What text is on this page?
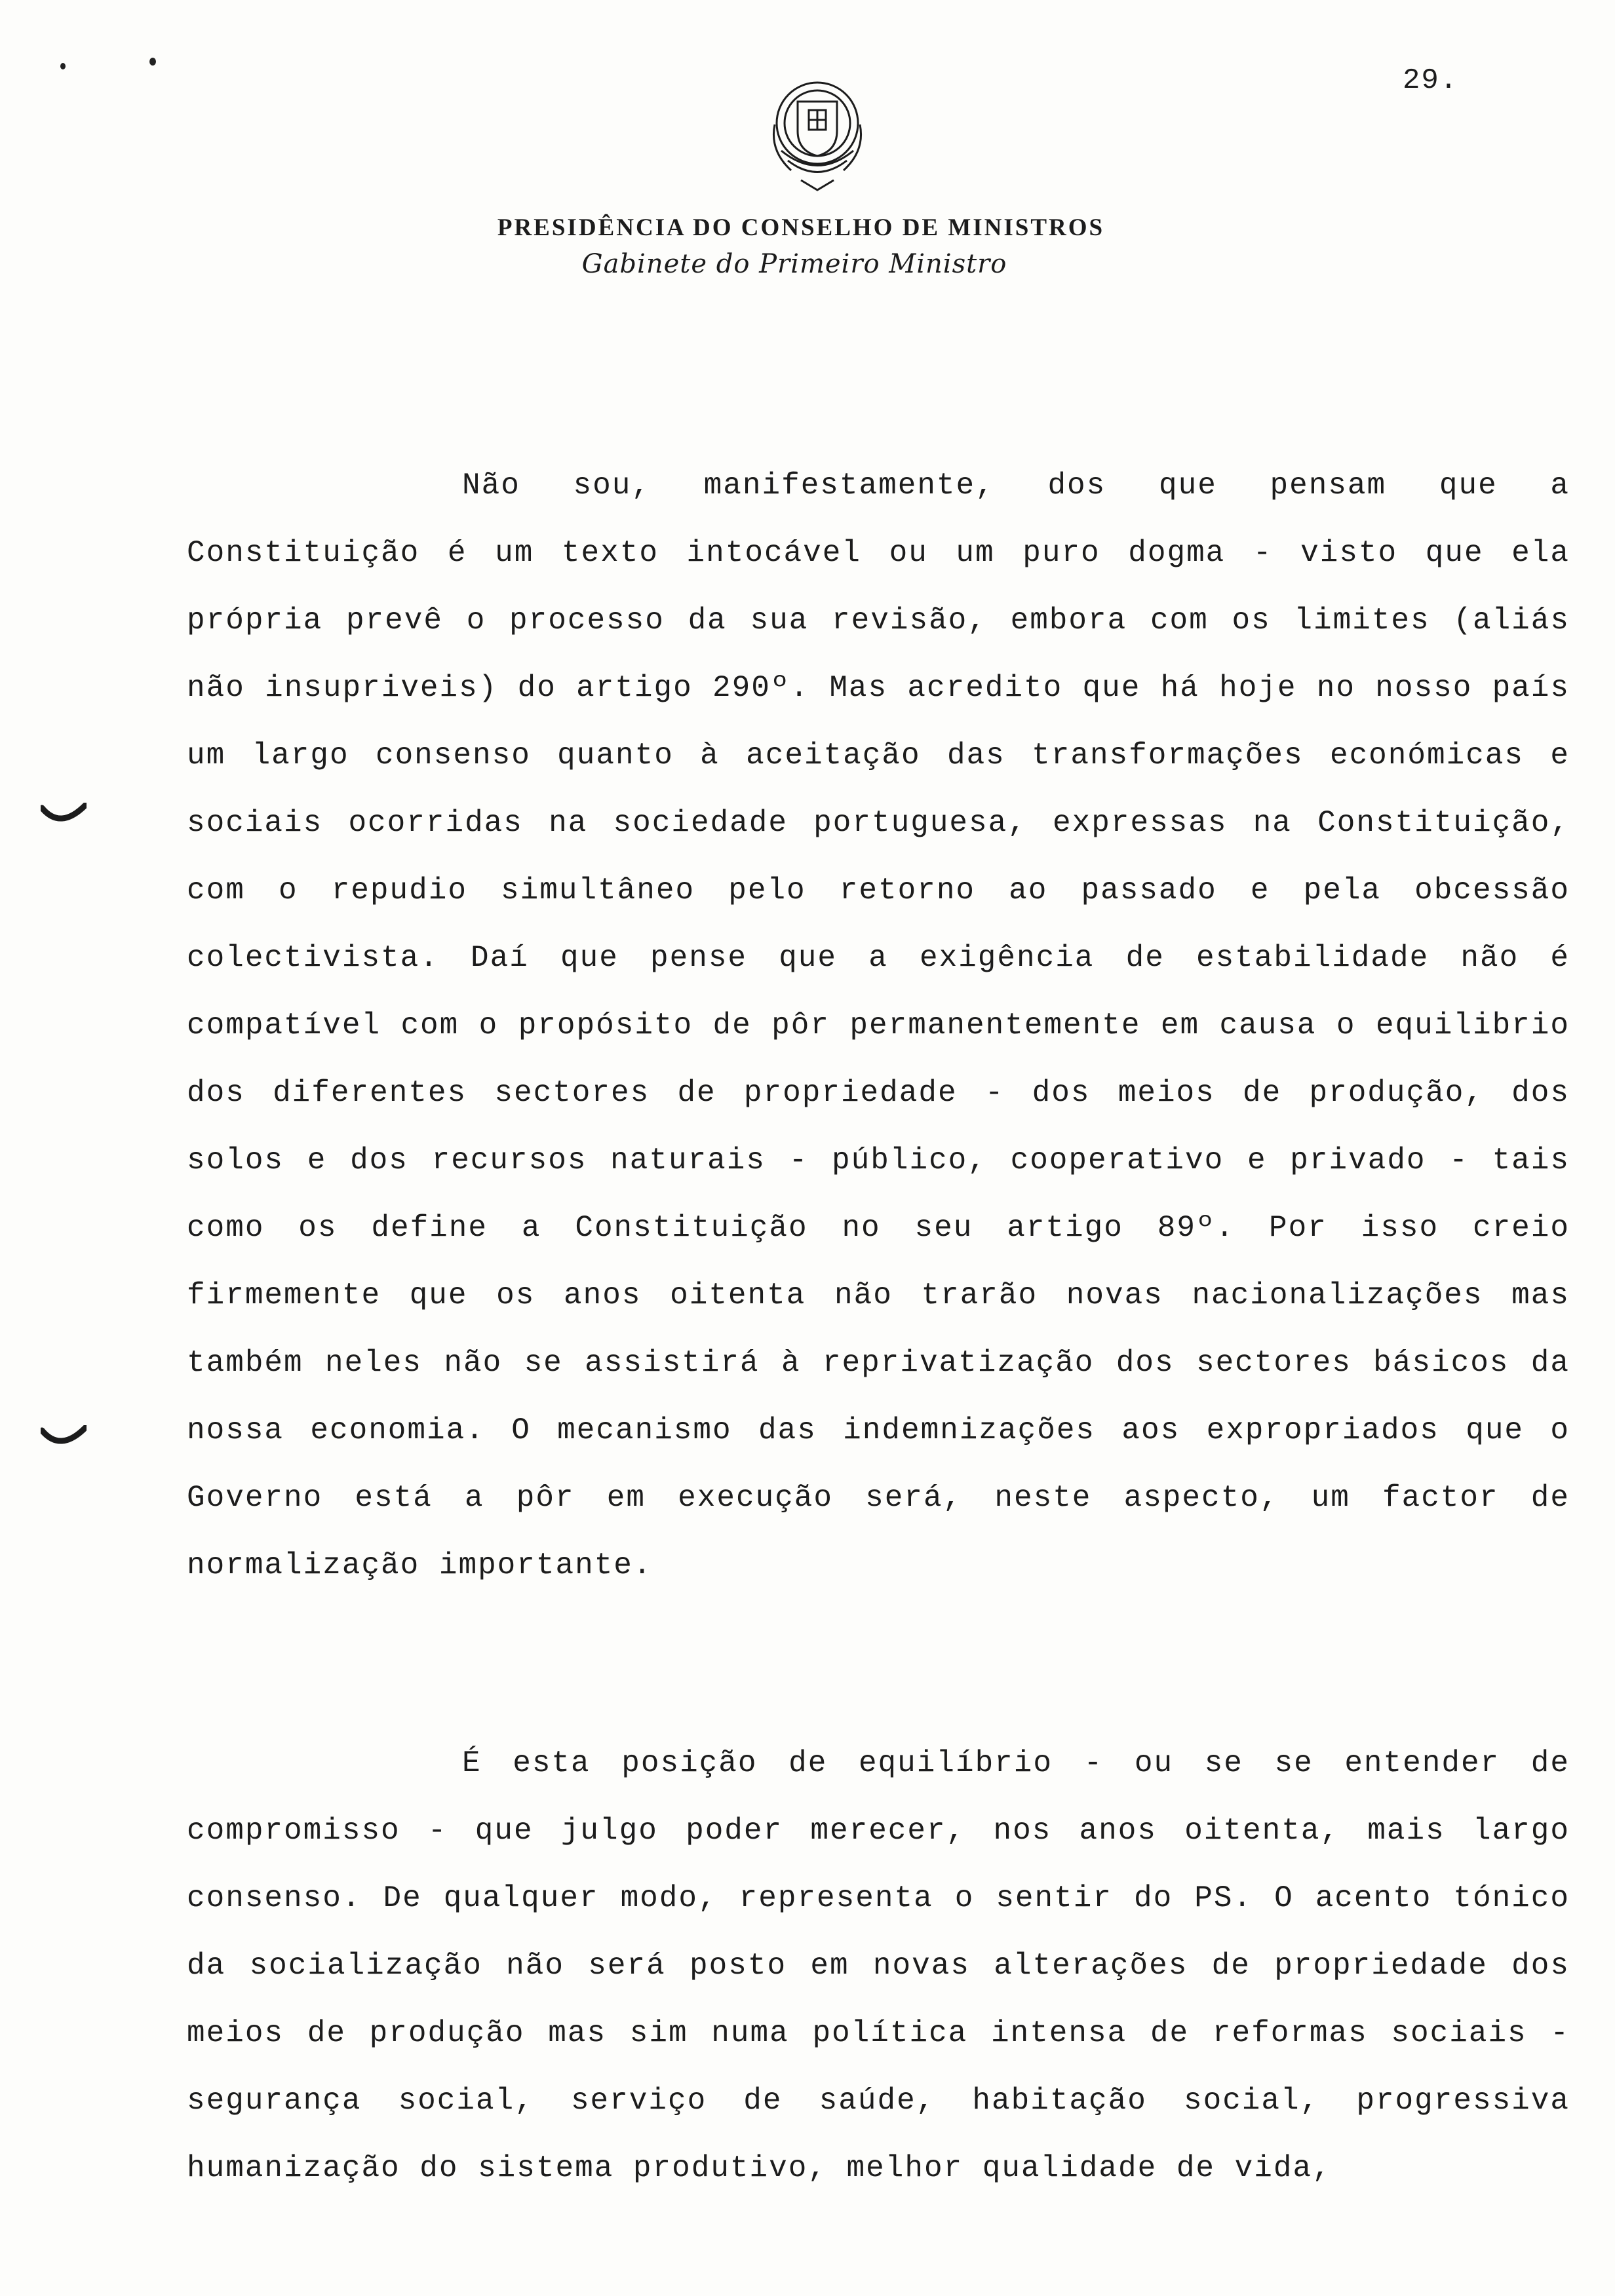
29.
PRESIDÊNCIA DO CONSELHO DE MINISTROS
Gabinete do Primeiro Ministro
Não sou, manifestamente, dos que pensam que a Constituição é um texto intocável ou um puro dogma - visto que ela própria prevê o processo da sua revisão, embora com os limites (aliás não insupriveis) do artigo 290º. Mas acredito que há hoje no nosso país um largo consenso quanto à aceitação das transformações económicas e sociais ocorridas na sociedade portuguesa, expressas na Constituição, com o repudio simultâneo pelo retorno ao passado e pela obcessão colectivista. Daí que pense que a exigência de estabilidade não é compatível com o propósito de pôr permanentemente em causa o equilibrio dos diferentes sectores de propriedade - dos meios de produção, dos solos e dos recursos naturais - público, cooperativo e privado - tais como os define a Constituição no seu artigo 89º. Por isso creio firmemente que os anos oitenta não trarão novas nacionalizações mas também neles não se assistirá à reprivatização dos sectores básicos da nossa economia. O mecanismo das indemnizações aos expropriados que o Governo está a pôr em execução será, neste aspecto, um factor de normalização importante.
É esta posição de equilíbrio - ou se se entender de compromisso - que julgo poder merecer, nos anos oitenta, mais largo consenso. De qualquer modo, representa o sentir do PS. O acento tónico da socialização não será posto em novas alterações de propriedade dos meios de produção mas sim numa política intensa de reformas sociais - segurança social, serviço de saúde, habitação social, progressiva humanização do sistema produtivo, melhor qualidade de vida,
